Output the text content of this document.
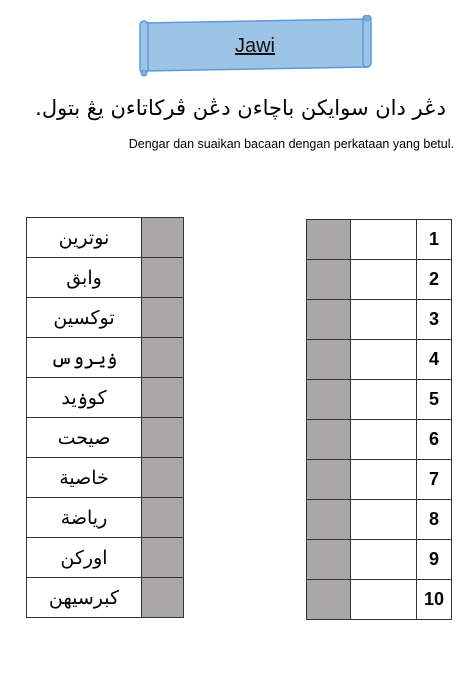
Jawi
دڠر دان سوايکن باچاءن دڠن ڤرکاتاءن يڠ بتول.
Dengar dan suaikan bacaan dengan perkataan yang betul.
نوترين	
وابق	
توکسين	
ۏيروس	
کوۏيد	
صيحت	
خاصية	
رياضة	
اورکن	
کبرسيهن	
		1
		2
		3
		4
		5
		6
		7
		8
		9
		10
